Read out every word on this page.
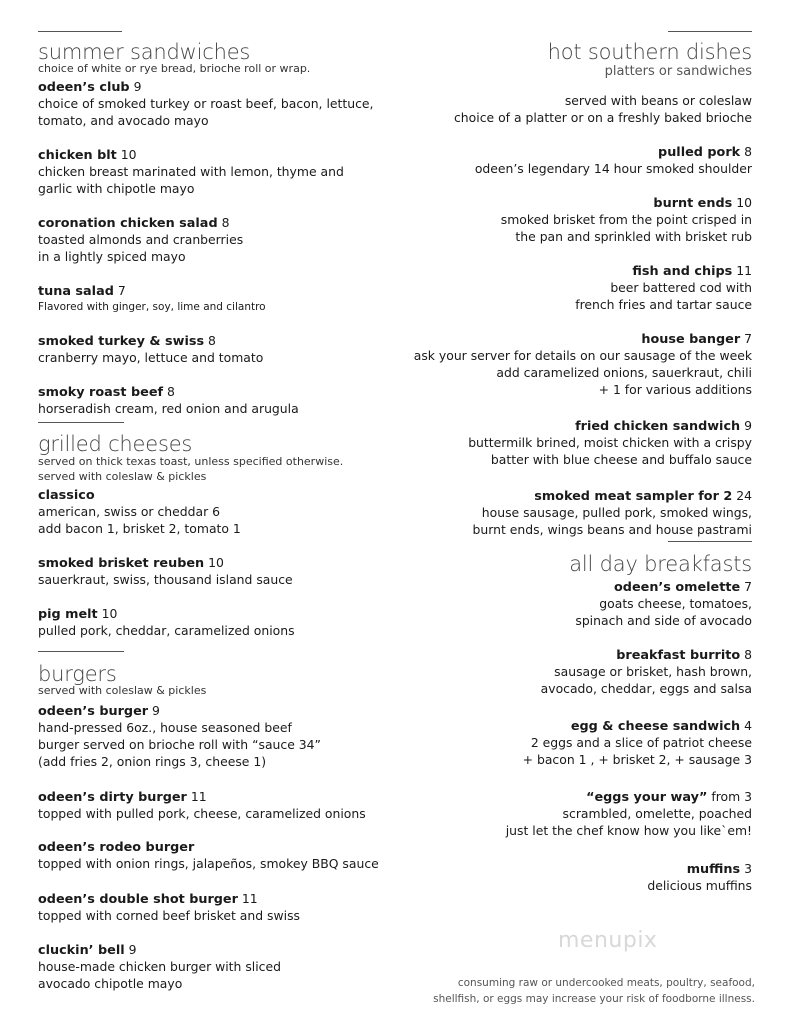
menupix
consuming raw or undercooked meats, poultry, seafood,
shellfish, or eggs may increase your risk of foodborne illness.
summer sandwiches
choice of white or rye bread, brioche roll or wrap.
odeen’s club 9
choice of smoked turkey or roast beef, bacon, lettuce,
tomato, and avocado mayo
chicken blt 10
chicken breast marinated with lemon, thyme and
garlic with chipotle mayo
coronation chicken salad 8
toasted almonds and cranberries
in a lightly spiced mayo
tuna salad 7
Flavored with ginger, soy, lime and cilantro
smoked turkey & swiss 8
cranberry mayo, lettuce and tomato
smoky roast beef 8
horseradish cream, red onion and arugula
grilled cheeses
served on thick texas toast, unless specified otherwise.
served with coleslaw & pickles
classico
american, swiss or cheddar 6
add bacon 1, brisket 2, tomato 1
smoked brisket reuben 10
sauerkraut, swiss, thousand island sauce
pig melt 10
pulled pork, cheddar, caramelized onions
burgers
served with coleslaw & pickles
odeen’s burger 9
hand-pressed 6oz., house seasoned beef
burger served on brioche roll with “sauce 34”
(add fries 2, onion rings 3, cheese 1)
odeen’s dirty burger 11
topped with pulled pork, cheese, caramelized onions
odeen’s rodeo burger
topped with onion rings, jalapeños, smokey BBQ sauce
odeen’s double shot burger 11
topped with corned beef brisket and swiss
cluckin’ bell 9
house-made chicken burger with sliced
avocado chipotle mayo
hot southern dishes
platters or sandwiches
served with beans or coleslaw
choice of a platter or on a freshly baked brioche
pulled pork 8
odeen’s legendary 14 hour smoked shoulder
burnt ends 10
smoked brisket from the point crisped in
the pan and sprinkled with brisket rub
fish and chips 11
beer battered cod with
french fries and tartar sauce
house banger 7
ask your server for details on our sausage of the week
add caramelized onions, sauerkraut, chili
+ 1 for various additions
fried chicken sandwich 9
buttermilk brined, moist chicken with a crispy
batter with blue cheese and buffalo sauce
smoked meat sampler for 2 24
house sausage, pulled pork, smoked wings,
burnt ends, wings beans and house pastrami
all day breakfasts
odeen’s omelette 7
goats cheese, tomatoes,
spinach and side of avocado
breakfast burrito 8
sausage or brisket, hash brown,
avocado, cheddar, eggs and salsa
egg & cheese sandwich 4
2 eggs and a slice of patriot cheese
+ bacon 1 , + brisket 2, + sausage 3
“eggs your way” from 3
scrambled, omelette, poached
just let the chef know how you like`em!
muffins 3
delicious muffins
